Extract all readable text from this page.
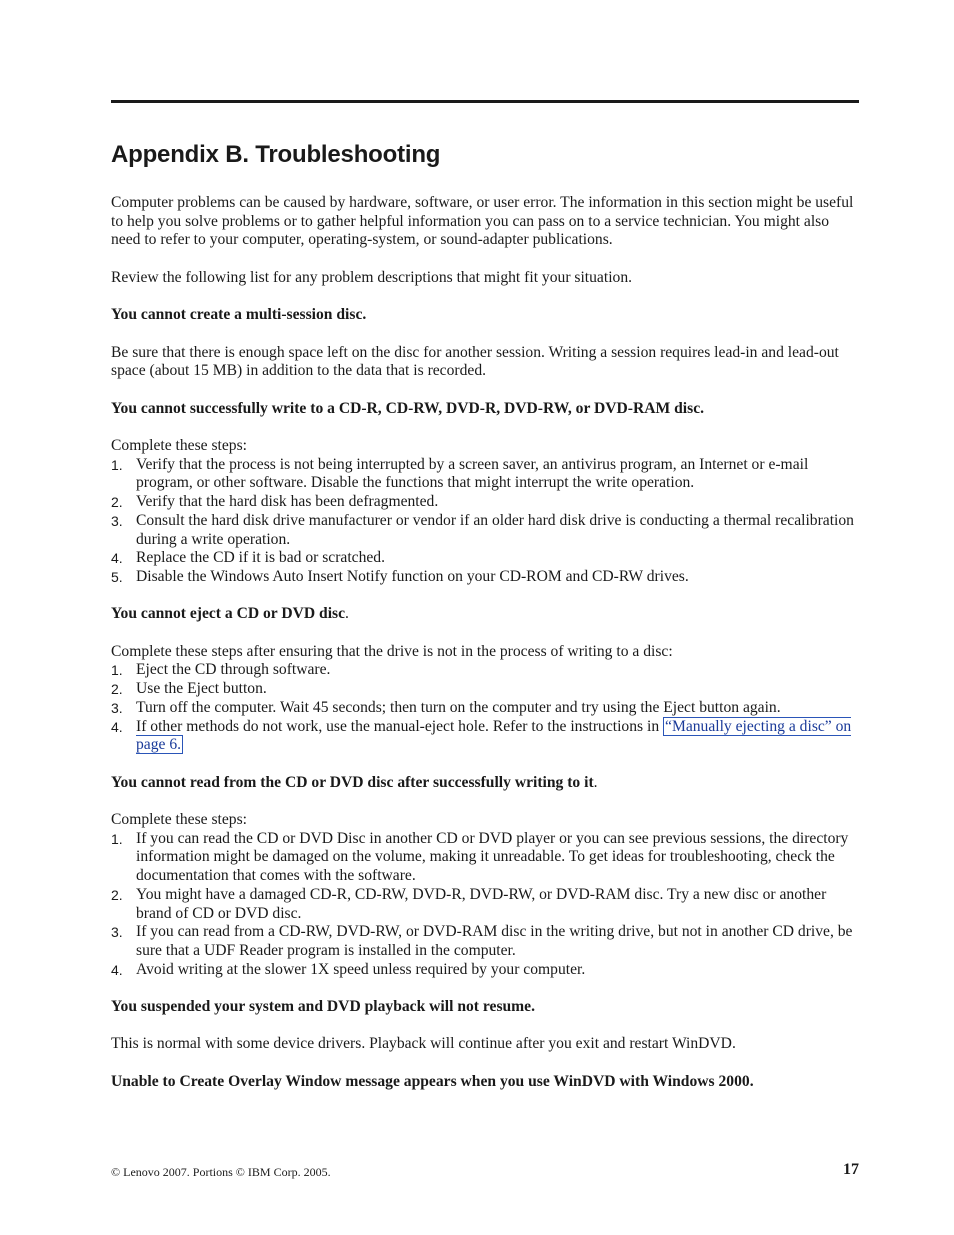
Appendix B. Troubleshooting

Computer problems can be caused by hardware, software, or user error. The information in this section might be useful to help you solve problems or to gather helpful information you can pass on to a service technician. You might also need to refer to your computer, operating-system, or sound-adapter publications.

Review the following list for any problem descriptions that might fit your situation.

You cannot create a multi-session disc.

Be sure that there is enough space left on the disc for another session. Writing a session requires lead-in and lead-out space (about 15 MB) in addition to the data that is recorded.

You cannot successfully write to a CD-R, CD-RW, DVD-R, DVD-RW, or DVD-RAM disc.

Complete these steps:

1. Verify that the process is not being interrupted by a screen saver, an antivirus program, an Internet or e-mail program, or other software. Disable the functions that might interrupt the write operation.
2. Verify that the hard disk has been defragmented.
3. Consult the hard disk drive manufacturer or vendor if an older hard disk drive is conducting a thermal recalibration during a write operation.
4. Replace the CD if it is bad or scratched.
5. Disable the Windows Auto Insert Notify function on your CD-ROM and CD-RW drives.

You cannot eject a CD or DVD disc.

Complete these steps after ensuring that the drive is not in the process of writing to a disc:

1. Eject the CD through software.
2. Use the Eject button.
3. Turn off the computer. Wait 45 seconds; then turn on the computer and try using the Eject button again.
4. If other methods do not work, use the manual-eject hole. Refer to the instructions in “Manually ejecting a disc” on page 6.

You cannot read from the CD or DVD disc after successfully writing to it.

Complete these steps:

1. If you can read the CD or DVD Disc in another CD or DVD player or you can see previous sessions, the directory information might be damaged on the volume, making it unreadable. To get ideas for troubleshooting, check the documentation that comes with the software.
2. You might have a damaged CD-R, CD-RW, DVD-R, DVD-RW, or DVD-RAM disc. Try a new disc or another brand of CD or DVD disc.
3. If you can read from a CD-RW, DVD-RW, or DVD-RAM disc in the writing drive, but not in another CD drive, be sure that a UDF Reader program is installed in the computer.
4. Avoid writing at the slower 1X speed unless required by your computer.

You suspended your system and DVD playback will not resume.

This is normal with some device drivers. Playback will continue after you exit and restart WinDVD.

Unable to Create Overlay Window message appears when you use WinDVD with Windows 2000.

© Lenovo 2007. Portions © IBM Corp. 2005.	17
